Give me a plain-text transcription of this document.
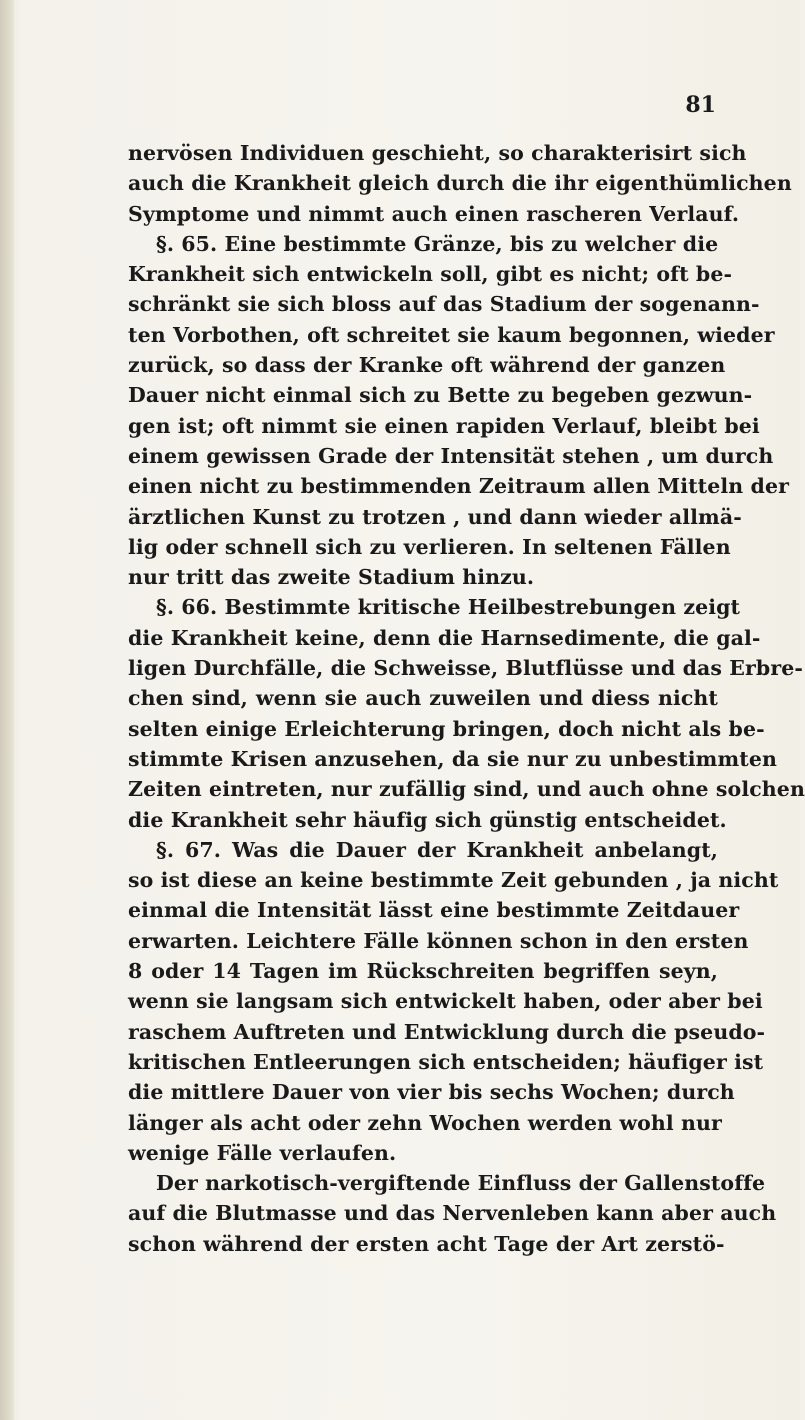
81
nervösen Individuen geschieht, so charakterisirt sich
auch die Krankheit gleich durch die ihr eigenthümlichen
Symptome und nimmt auch einen rascheren Verlauf.
§. 65. Eine bestimmte Gränze, bis zu welcher die
Krankheit sich entwickeln soll, gibt es nicht; oft be-
schränkt sie sich bloss auf das Stadium der sogenann-
ten Vorbothen, oft schreitet sie kaum begonnen, wieder
zurück, so dass der Kranke oft während der ganzen
Dauer nicht einmal sich zu Bette zu begeben gezwun-
gen ist; oft nimmt sie einen rapiden Verlauf, bleibt bei
einem gewissen Grade der Intensität stehen , um durch
einen nicht zu bestimmenden Zeitraum allen Mitteln der
ärztlichen Kunst zu trotzen , und dann wieder allmä-
lig oder schnell sich zu verlieren. In seltenen Fällen
nur tritt das zweite Stadium hinzu.
§. 66. Bestimmte kritische Heilbestrebungen zeigt
die Krankheit keine, denn die Harnsedimente, die gal-
ligen Durchfälle, die Schweisse, Blutflüsse und das Erbre-
chen sind, wenn sie auch zuweilen und diess nicht
selten einige Erleichterung bringen, doch nicht als be-
stimmte Krisen anzusehen, da sie nur zu unbestimmten
Zeiten eintreten, nur zufällig sind, und auch ohne solchen
die Krankheit sehr häufig sich günstig entscheidet.
§. 67. Was die Dauer der Krankheit anbelangt,
so ist diese an keine bestimmte Zeit gebunden , ja nicht
einmal die Intensität lässt eine bestimmte Zeitdauer
erwarten. Leichtere Fälle können schon in den ersten
8 oder 14 Tagen im Rückschreiten begriffen seyn,
wenn sie langsam sich entwickelt haben, oder aber bei
raschem Auftreten und Entwicklung durch die pseudo-
kritischen Entleerungen sich entscheiden; häufiger ist
die mittlere Dauer von vier bis sechs Wochen; durch
länger als acht oder zehn Wochen werden wohl nur
wenige Fälle verlaufen.
Der narkotisch-vergiftende Einfluss der Gallenstoffe
auf die Blutmasse und das Nervenleben kann aber auch
schon während der ersten acht Tage der Art zerstö-
